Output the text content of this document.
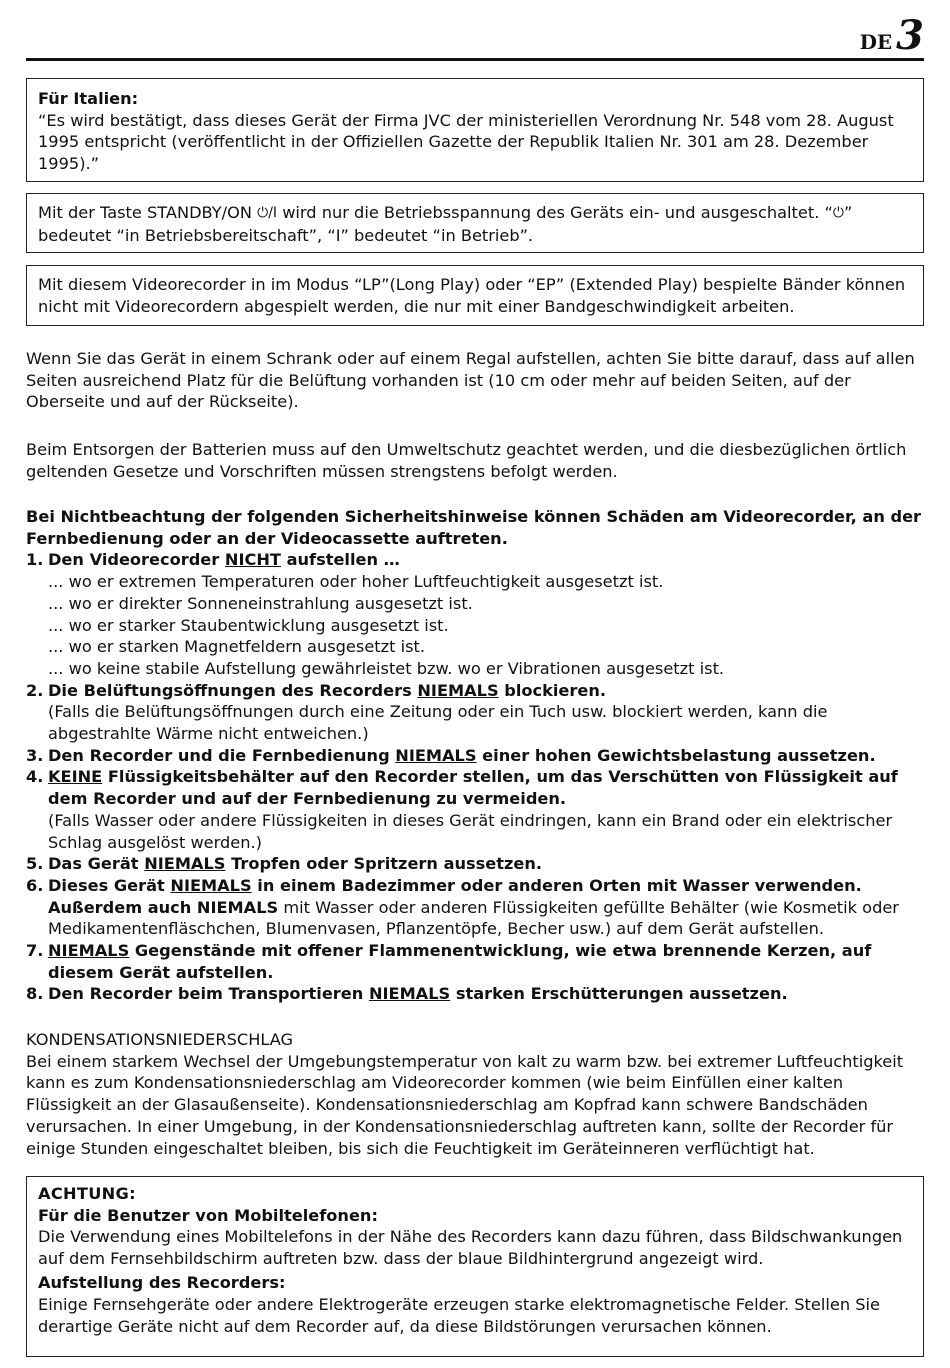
DE 3

Für Italien:

“Es wird bestätigt, dass dieses Gerät der Firma JVC der ministeriellen Verordnung Nr. 548 vom 28. August 1995 entspricht (veröffentlicht in der Offiziellen Gazette der Republik Italien Nr. 301 am 28. Dezember 1995).”

Mit der Taste STANDBY/ON ⏻/I wird nur die Betriebsspannung des Geräts ein- und ausgeschaltet. “⏻” bedeutet “in Betriebsbereitschaft”, “I” bedeutet “in Betrieb”.

Mit diesem Videorecorder in im Modus “LP”(Long Play) oder “EP” (Extended Play) bespielte Bänder können nicht mit Videorecordern abgespielt werden, die nur mit einer Bandgeschwindigkeit arbeiten.

Wenn Sie das Gerät in einem Schrank oder auf einem Regal aufstellen, achten Sie bitte darauf, dass auf allen Seiten ausreichend Platz für die Belüftung vorhanden ist (10 cm oder mehr auf beiden Seiten, auf der Oberseite und auf der Rückseite).

Beim Entsorgen der Batterien muss auf den Umweltschutz geachtet werden, und die diesbezüglichen örtlich geltenden Gesetze und Vorschriften müssen strengstens befolgt werden.

Bei Nichtbeachtung der folgenden Sicherheitshinweise können Schäden am Videorecorder, an der Fernbedienung oder an der Videocassette auftreten.

1. Den Videorecorder NICHT aufstellen …
... wo er extremen Temperaturen oder hoher Luftfeuchtigkeit ausgesetzt ist.
... wo er direkter Sonneneinstrahlung ausgesetzt ist.
... wo er starker Staubentwicklung ausgesetzt ist.
... wo er starken Magnetfeldern ausgesetzt ist.
... wo keine stabile Aufstellung gewährleistet bzw. wo er Vibrationen ausgesetzt ist.
2. Die Belüftungsöffnungen des Recorders NIEMALS blockieren.
(Falls die Belüftungsöffnungen durch eine Zeitung oder ein Tuch usw. blockiert werden, kann die abgestrahlte Wärme nicht entweichen.)
3. Den Recorder und die Fernbedienung NIEMALS einer hohen Gewichtsbelastung aussetzen.
4. KEINE Flüssigkeitsbehälter auf den Recorder stellen, um das Verschütten von Flüssigkeit auf dem Recorder und auf der Fernbedienung zu vermeiden.
(Falls Wasser oder andere Flüssigkeiten in dieses Gerät eindringen, kann ein Brand oder ein elektrischer Schlag ausgelöst werden.)
5. Das Gerät NIEMALS Tropfen oder Spritzern aussetzen.
6. Dieses Gerät NIEMALS in einem Badezimmer oder anderen Orten mit Wasser verwenden. Außerdem auch NIEMALS mit Wasser oder anderen Flüssigkeiten gefüllte Behälter (wie Kosmetik oder Medikamentenfläschchen, Blumenvasen, Pflanzentöpfe, Becher usw.) auf dem Gerät aufstellen.
7. NIEMALS Gegenstände mit offener Flammenentwicklung, wie etwa brennende Kerzen, auf diesem Gerät aufstellen.
8. Den Recorder beim Transportieren NIEMALS starken Erschütterungen aussetzen.

KONDENSATIONSNIEDERSCHLAG

Bei einem starkem Wechsel der Umgebungstemperatur von kalt zu warm bzw. bei extremer Luftfeuchtigkeit kann es zum Kondensationsniederschlag am Videorecorder kommen (wie beim Einfüllen einer kalten Flüssigkeit an der Glasaußenseite). Kondensationsniederschlag am Kopfrad kann schwere Bandschäden verursachen. In einer Umgebung, in der Kondensationsniederschlag auftreten kann, sollte der Recorder für einige Stunden eingeschaltet bleiben, bis sich die Feuchtigkeit im Geräteinneren verflüchtigt hat.

ACHTUNG:

Für die Benutzer von Mobiltelefonen:

Die Verwendung eines Mobiltelefons in der Nähe des Recorders kann dazu führen, dass Bildschwankungen auf dem Fernsehbildschirm auftreten bzw. dass der blaue Bildhintergrund angezeigt wird.

Aufstellung des Recorders:

Einige Fernsehgeräte oder andere Elektrogeräte erzeugen starke elektromagnetische Felder. Stellen Sie derartige Geräte nicht auf dem Recorder auf, da diese Bildstörungen verursachen können.
